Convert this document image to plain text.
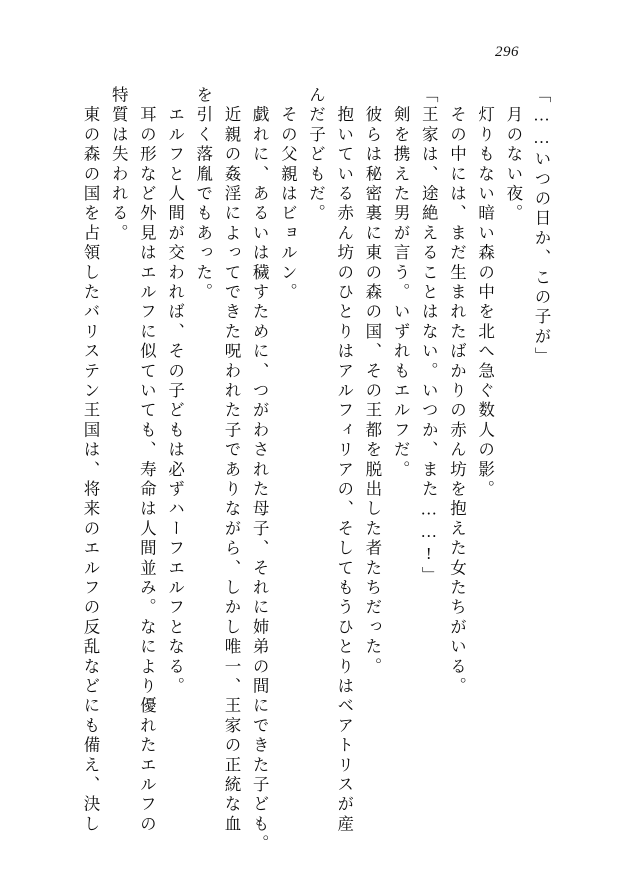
296
「……いつの日か、この子が」
　月のない夜。
　灯りもない暗い森の中を北へ急ぐ数人の影。
　その中には、まだ生まれたばかりの赤ん坊を抱えた女たちがいる。
「王家は、途絶えることはない。いつか、また……!」
　剣を携えた男が言う。いずれもエルフだ。
　彼らは秘密裏に東の森の国、その王都を脱出した者たちだった。
　抱いている赤ん坊のひとりはアルフィリアの、そしてもうひとりはベアトリスが産
んだ子どもだ。
　その父親はビョルン。
　戯れに、あるいは穢すために、つがわされた母子、それに姉弟の間にできた子ども。
　近親の姦淫によってできた呪われた子でありながら、しかし唯一、王家の正統な血
を引く落胤でもあった。
　エルフと人間が交われば、その子どもは必ずハーフエルフとなる。
　耳の形など外見はエルフに似ていても、寿命は人間並み。なにより優れたエルフの
特質は失われる。
　東の森の国を占領したバリステン王国は、将来のエルフの反乱などにも備え、決し
